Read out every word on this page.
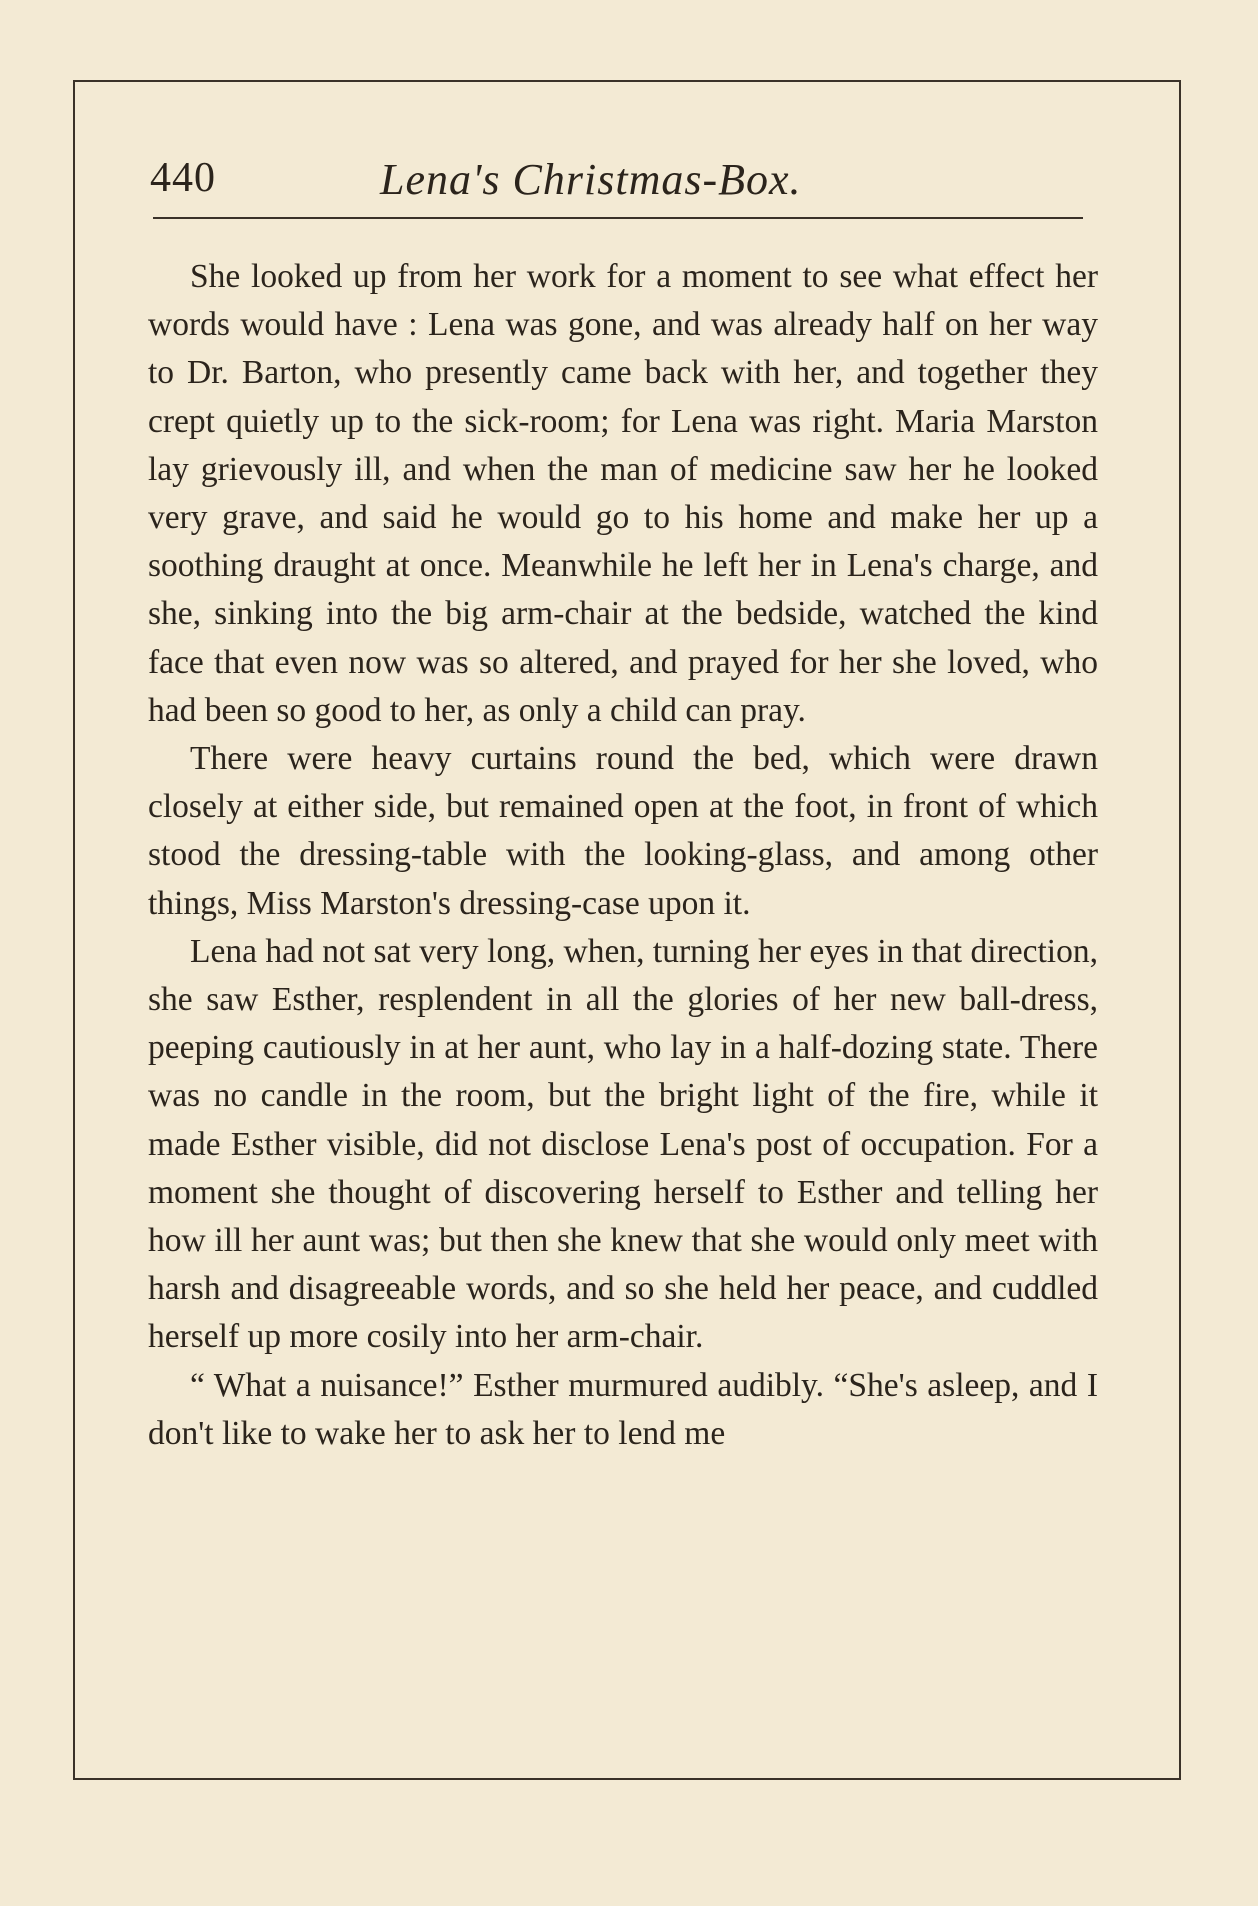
440	Lena's Christmas-Box.

She looked up from her work for a moment to see what effect her words would have : Lena was gone, and was already half on her way to Dr. Barton, who presently came back with her, and together they crept quietly up to the sick-room; for Lena was right. Maria Marston lay grievously ill, and when the man of medicine saw her he looked very grave, and said he would go to his home and make her up a soothing draught at once. Meanwhile he left her in Lena's charge, and she, sinking into the big arm-chair at the bedside, watched the kind face that even now was so altered, and prayed for her she loved, who had been so good to her, as only a child can pray.

There were heavy curtains round the bed, which were drawn closely at either side, but remained open at the foot, in front of which stood the dressing-table with the looking-glass, and among other things, Miss Marston's dressing-case upon it.

Lena had not sat very long, when, turning her eyes in that direction, she saw Esther, resplendent in all the glories of her new ball-dress, peeping cautiously in at her aunt, who lay in a half-dozing state. There was no candle in the room, but the bright light of the fire, while it made Esther visible, did not disclose Lena's post of occupation. For a moment she thought of discovering herself to Esther and telling her how ill her aunt was; but then she knew that she would only meet with harsh and disagreeable words, and so she held her peace, and cuddled herself up more cosily into her arm-chair.

“ What a nuisance!” Esther murmured audibly. “She's asleep, and I don't like to wake her to ask her to lend me
